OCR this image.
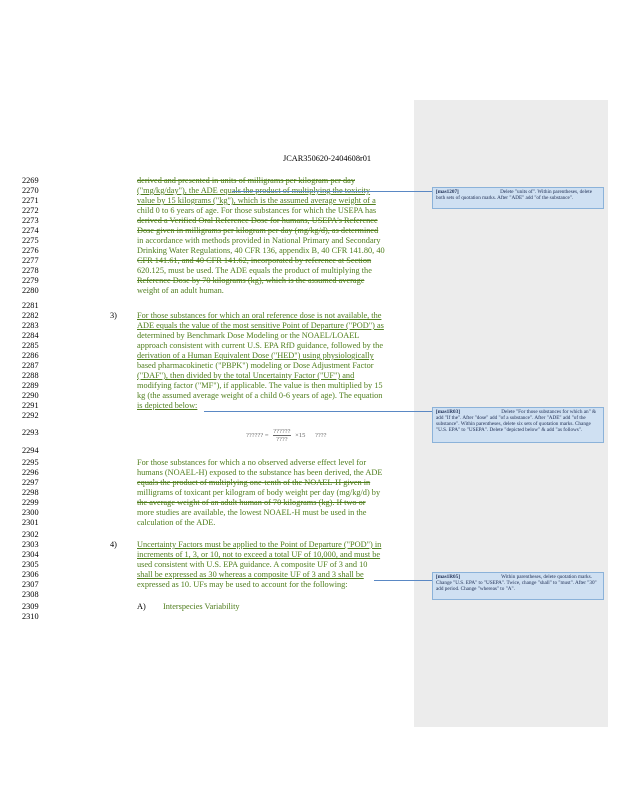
JCAR350620-2404608r01
2269
2270
2271
2272
2273
2274
2275
2276
2277
2278
2279
2280
2281
2282
2283
2284
2285
2286
2287
2288
2289
2290
2291
2292
2293
2294
2295
2296
2297
2298
2299
2300
2301
2302
2303
2304
2305
2306
2307
2308
2309
2310
derived and presented in units of milligrams per kilogram per day
("mg/kg/day"), the ADE equals the product of multiplying the toxicity
value by 15 kilograms ("kg"), which is the assumed average weight of a
child 0 to 6 years of age. For those substances for which the USEPA has
derived a Verified Oral Reference Dose for humans, USEPA's Reference
Dose given in milligrams per kilogram per day (mg/kg/d), as determined
in accordance with methods provided in National Primary and Secondary
Drinking Water Regulations, 40 CFR 136, appendix B, 40 CFR 141.80, 40
CFR 141.61, and 40 CFR 141.62, incorporated by reference at Section
620.125, must be used. The ADE equals the product of multiplying the
Reference Dose by 70 kilograms (kg), which is the assumed average
weight of an adult human.
3) For those substances for which an oral reference dose is not available, the
ADE equals the value of the most sensitive Point of Departure ("POD") as
determined by Benchmark Dose Modeling or the NOAEL/LOAEL
approach consistent with current U.S. EPA RfD guidance, followed by the
derivation of a Human Equivalent Dose ("HED") using physiologically
based pharmacokinetic ("PBPK") modeling or Dose Adjustment Factor
("DAF"), then divided by the total Uncertainty Factor ("UF") and
modifying factor ("MF"), if applicable. The value is then multiplied by 15
kg (the assumed average weight of a child 0-6 years of age). The equation
is depicted below:
?????? = $\frac{??????}{????} \times 15$ ????
For those substances for which a no observed adverse effect level for
humans (NOAEL-H) exposed to the substance has been derived, the ADE
equals the product of multiplying one-tenth of the NOAEL-H given in
milligrams of toxicant per kilogram of body weight per day (mg/kg/d) by
the average weight of an adult human of 70 kilograms (kg). If two or
more studies are available, the lowest NOAEL-H must be used in the
calculation of the ADE.
4) Uncertainty Factors must be applied to the Point of Departure ("POD") in
increments of 1, 3, or 10, not to exceed a total UF of 10,000, and must be
used consistent with U.S. EPA guidance. A composite UF of 3 and 10
shall be expressed as 30 whereas a composite UF of 3 and 3 shall be
expressed as 10. UFs may be used to account for the following:
A) Interspecies Variability
[mas1207]	Delete "units of". Within parentheses, delete both sets of quotation marks. After "ADE" add "of the substance".
[mas1R03]	Delete "For those substances for which an" & add "If the". After "dose" add "of a substance". After "ADE" add "of the substance". Within parentheses, delete six sets of quotation marks. Change "U.S. EPA" to "USEPA". Delete "depicted below" & add "as follows".
[mas1R05]	Within parentheses, delete quotation marks. Change "U.S. EPA" to "USEPA". Twice, change "shall" to "must". After "30" add period. Change "whereas" to "A".
